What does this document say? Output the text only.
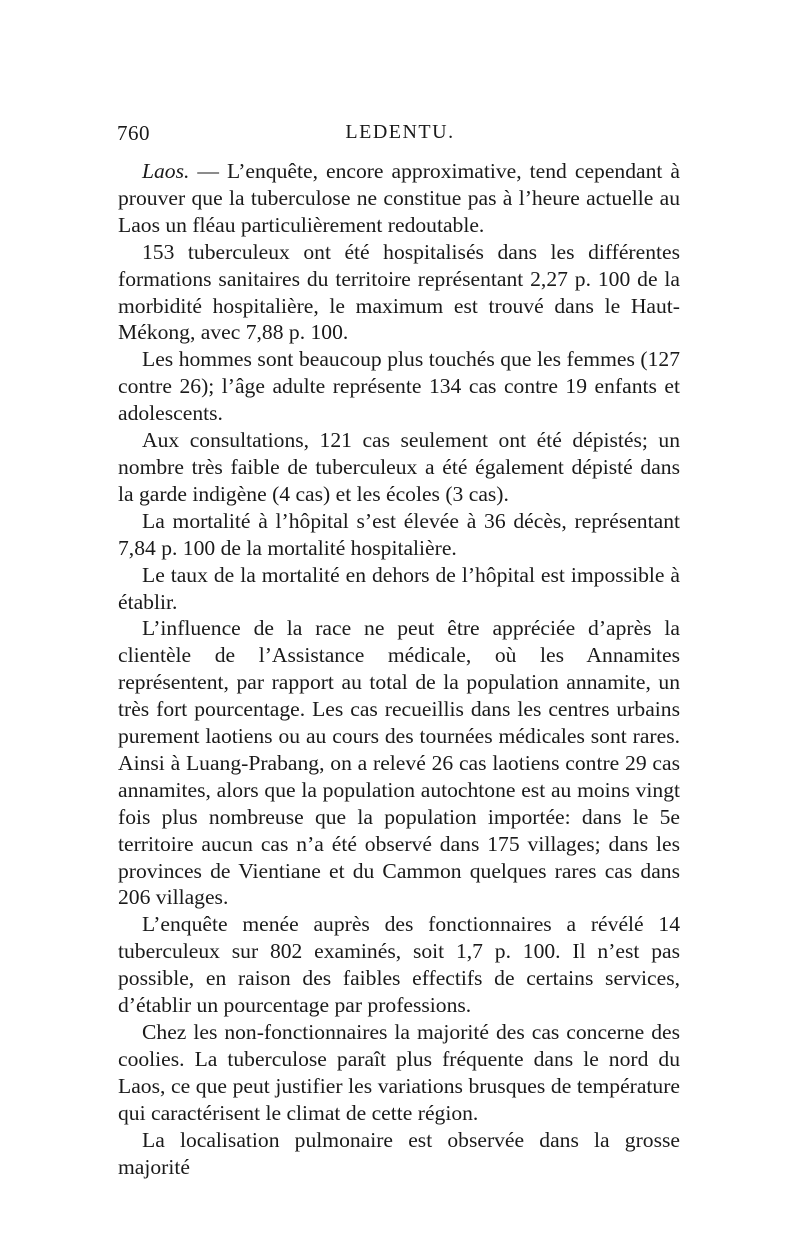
760	LEDENTU.

Laos. — L’enquête, encore approximative, tend cependant à prouver que la tuberculose ne constitue pas à l’heure actuelle au Laos un fléau particulièrement redoutable.

153 tuberculeux ont été hospitalisés dans les différentes formations sanitaires du territoire représentant 2,27 p. 100 de la morbidité hospitalière, le maximum est trouvé dans le Haut-Mékong, avec 7,88 p. 100.

Les hommes sont beaucoup plus touchés que les femmes (127 contre 26); l’âge adulte représente 134 cas contre 19 enfants et adolescents.

Aux consultations, 121 cas seulement ont été dépistés; un nombre très faible de tuberculeux a été également dépisté dans la garde indigène (4 cas) et les écoles (3 cas).

La mortalité à l’hôpital s’est élevée à 36 décès, représentant 7,84 p. 100 de la mortalité hospitalière.

Le taux de la mortalité en dehors de l’hôpital est impossible à établir.

L’influence de la race ne peut être appréciée d’après la clientèle de l’Assistance médicale, où les Annamites représentent, par rapport au total de la population annamite, un très fort pourcentage. Les cas recueillis dans les centres urbains purement laotiens ou au cours des tournées médicales sont rares. Ainsi à Luang-Prabang, on a relevé 26 cas laotiens contre 29 cas annamites, alors que la population autochtone est au moins vingt fois plus nombreuse que la population importée: dans le 5e territoire aucun cas n’a été observé dans 175 villages; dans les provinces de Vientiane et du Cammon quelques rares cas dans 206 villages.

L’enquête menée auprès des fonctionnaires a révélé 14 tuberculeux sur 802 examinés, soit 1,7 p. 100. Il n’est pas possible, en raison des faibles effectifs de certains services, d’établir un pourcentage par professions.

Chez les non-fonctionnaires la majorité des cas concerne des coolies. La tuberculose paraît plus fréquente dans le nord du Laos, ce que peut justifier les variations brusques de température qui caractérisent le climat de cette région.

La localisation pulmonaire est observée dans la grosse majorité
